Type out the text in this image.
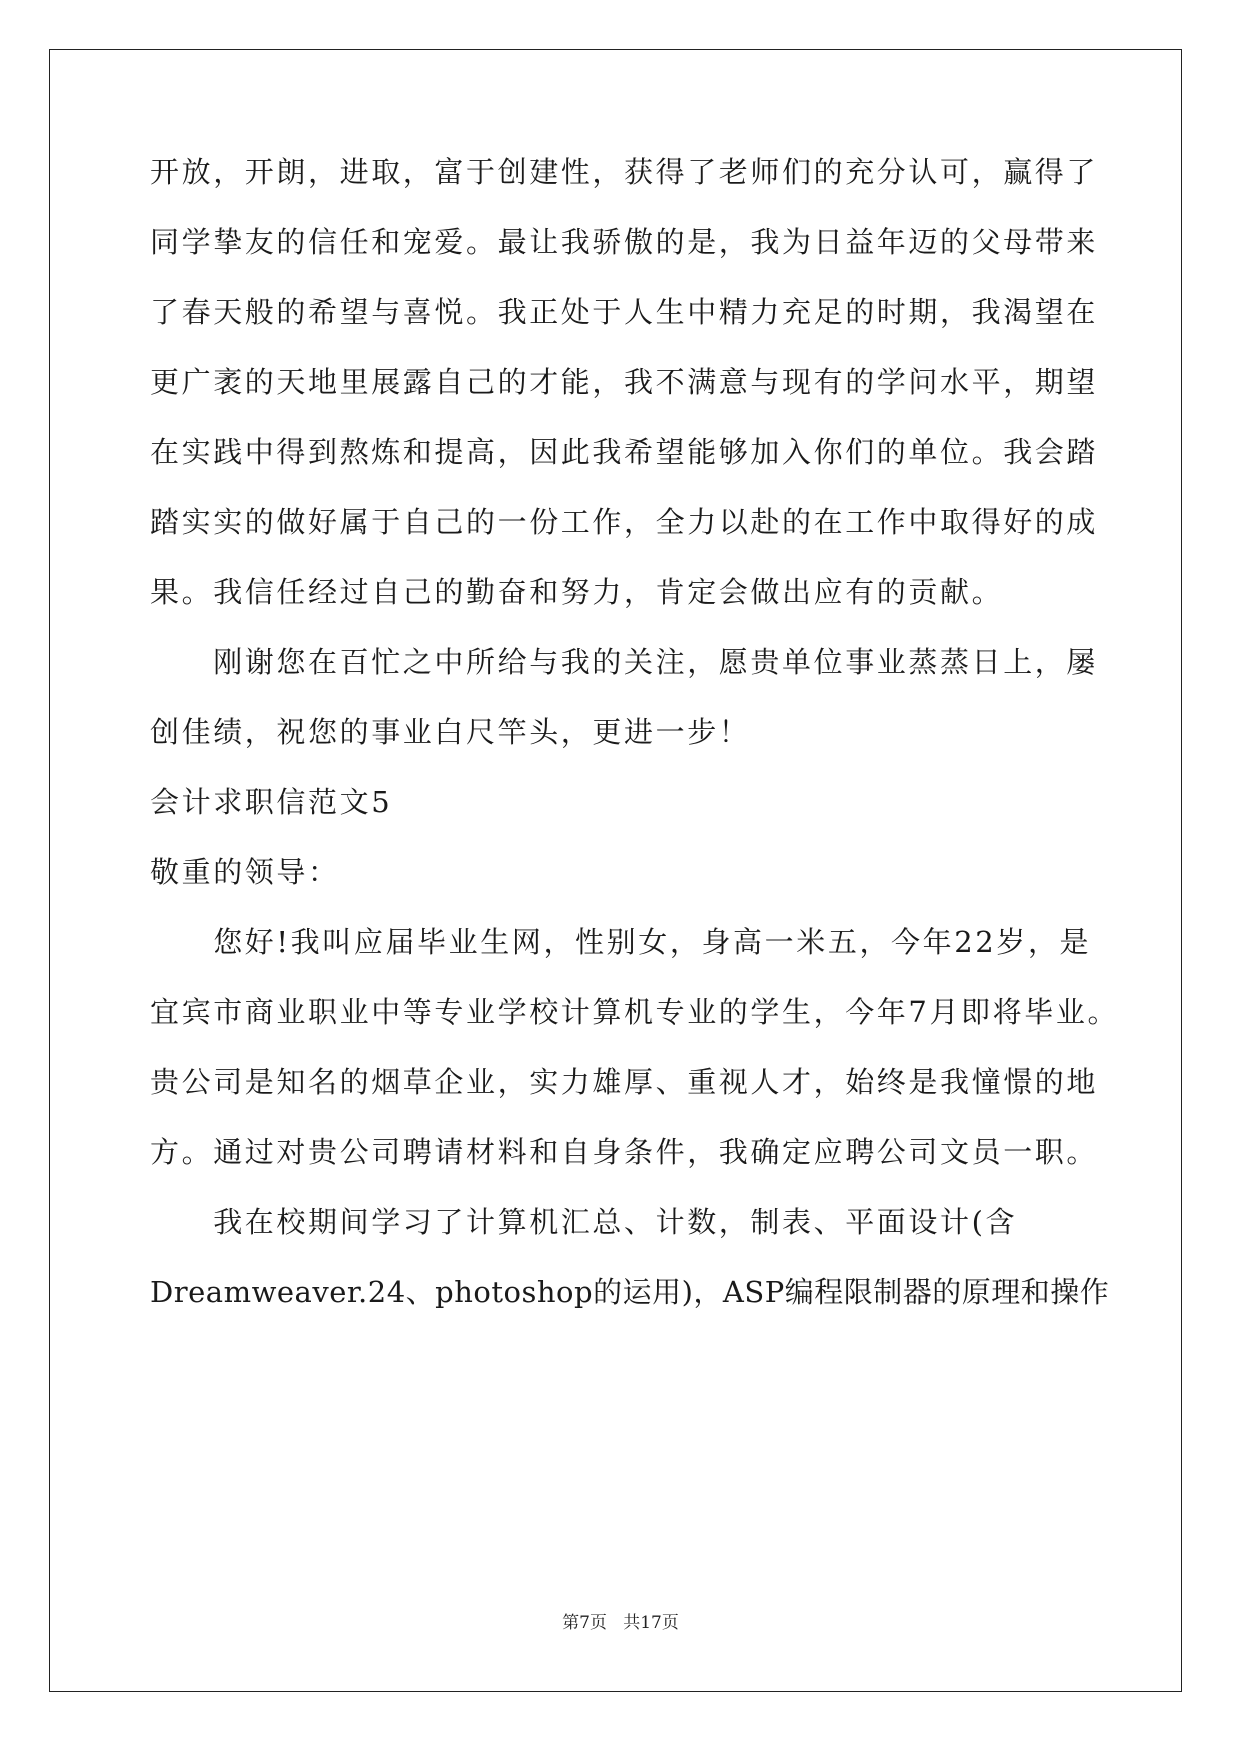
开放，开朗，进取，富于创建性，获得了老师们的充分认可，赢得了
同学挚友的信任和宠爱。最让我骄傲的是，我为日益年迈的父母带来
了春天般的希望与喜悦。我正处于人生中精力充足的时期，我渴望在
更广袤的天地里展露自己的才能，我不满意与现有的学问水平，期望
在实践中得到熬炼和提高，因此我希望能够加入你们的单位。我会踏
踏实实的做好属于自己的一份工作，全力以赴的在工作中取得好的成
果。我信任经过自己的勤奋和努力，肯定会做出应有的贡献。
　　刚谢您在百忙之中所给与我的关注，愿贵单位事业蒸蒸日上，屡
创佳绩，祝您的事业白尺竿头，更进一步！
会计求职信范文5
敬重的领导：
　　您好!我叫应届毕业生网，性别女，身高一米五，今年22岁，是
宜宾市商业职业中等专业学校计算机专业的学生，今年7月即将毕业。
贵公司是知名的烟草企业，实力雄厚、重视人才，始终是我憧憬的地
方。通过对贵公司聘请材料和自身条件，我确定应聘公司文员一职。
　　我在校期间学习了计算机汇总、计数，制表、平面设计(含
Dreamweaver.24、photoshop的运用)，ASP编程限制器的原理和操作
第7页 共17页
